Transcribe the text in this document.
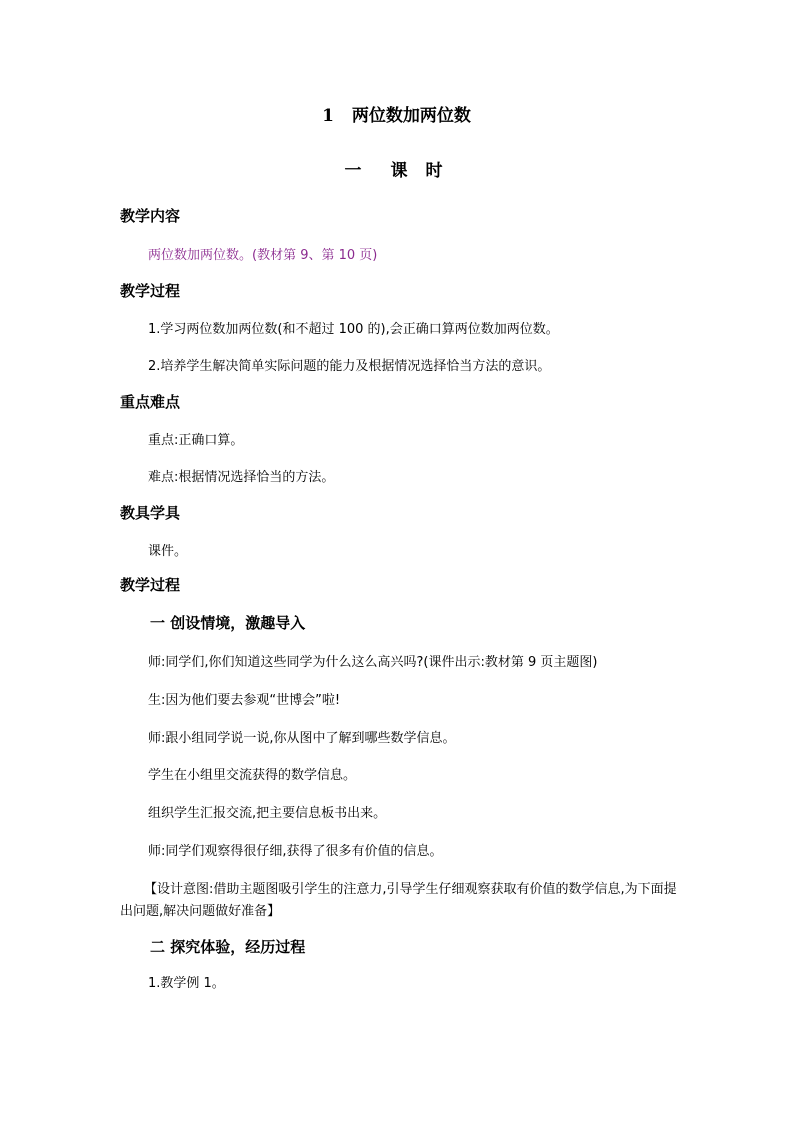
1 两位数加两位数
一　课 时
教学内容
两位数加两位数。(教材第 9、第 10 页)
教学过程
1.学习两位数加两位数(和不超过 100 的),会正确口算两位数加两位数。
2.培养学生解决简单实际问题的能力及根据情况选择恰当方法的意识。
重点难点
重点:正确口算。
难点:根据情况选择恰当的方法。
教具学具
课件。
教学过程
一 创设情境，激趣导入
师:同学们,你们知道这些同学为什么这么高兴吗?(课件出示:教材第 9 页主题图)
生:因为他们要去参观“世博会”啦!
师:跟小组同学说一说,你从图中了解到哪些数学信息。
学生在小组里交流获得的数学信息。
组织学生汇报交流,把主要信息板书出来。
师:同学们观察得很仔细,获得了很多有价值的信息。
【设计意图:借助主题图吸引学生的注意力,引导学生仔细观察获取有价值的数学信息,为下面提出问题,解决问题做好准备】
二 探究体验，经历过程
1.教学例 1。
